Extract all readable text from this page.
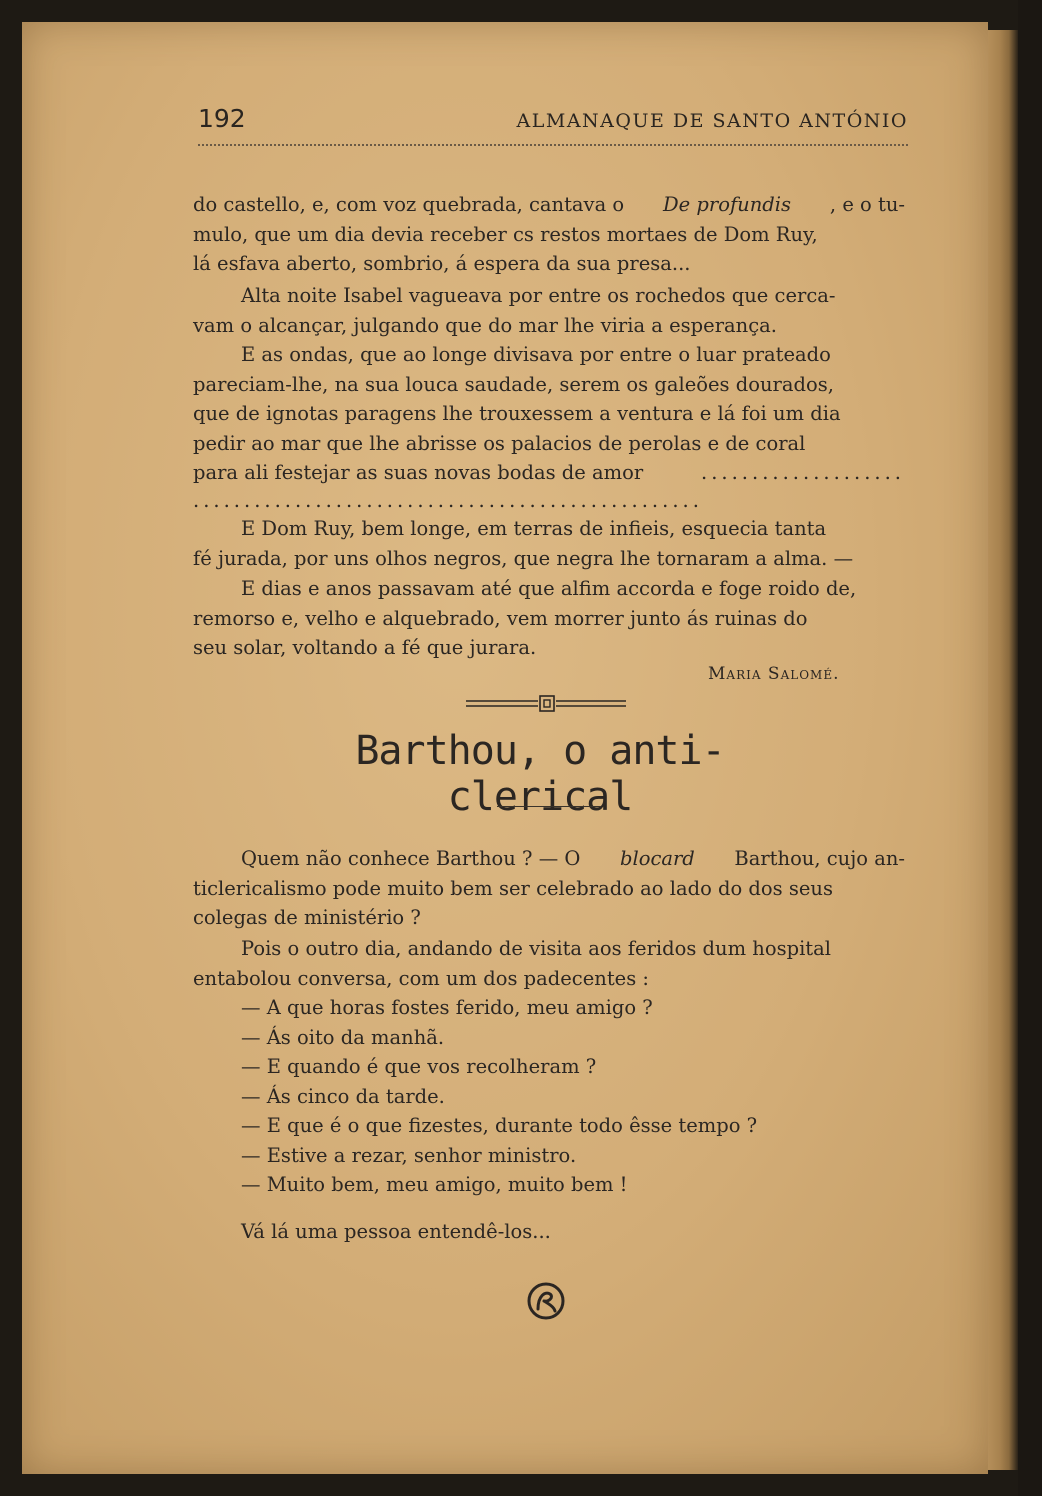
192	ALMANAQUE DE SANTO ANTÓNIO
do castello, e, com voz quebrada, cantava o De profundis , e o tu-
mulo, que um dia devia receber cs restos mortaes de Dom Ruy,
lá esfava aberto, sombrio, á espera da sua presa...
Alta noite Isabel vagueava por entre os rochedos que cerca-
vam o alcançar, julgando que do mar lhe viria a esperança.
E as ondas, que ao longe divisava por entre o luar prateado
pareciam-lhe, na sua louca saudade, serem os galeões dourados,
que de ignotas paragens lhe trouxessem a ventura e lá foi um dia
pedir ao mar que lhe abrisse os palacios de perolas e de coral
para ali festejar as suas novas bodas de amor	....................
..................................................
E Dom Ruy, bem longe, em terras de infieis, esquecia tanta
fé jurada, por uns olhos negros, que negra lhe tornaram a alma. —
E dias e anos passavam até que alfim accorda e foge roido de,
remorso e, velho e alquebrado, vem morrer junto ás ruinas do
seu solar, voltando a fé que jurara.
Maria Salomé.
Barthou, o anti-clerical
Quem não conhece Barthou ? — O blocard Barthou, cujo an-
ticlericalismo pode muito bem ser celebrado ao lado do dos seus
colegas de ministério ?
Pois o outro dia, andando de visita aos feridos dum hospital
entabolou conversa, com um dos padecentes :
— A que horas fostes ferido, meu amigo ?
— Ás oito da manhã.
— E quando é que vos recolheram ?
— Ás cinco da tarde.
— E que é o que fizestes, durante todo êsse tempo ?
— Estive a rezar, senhor ministro.
— Muito bem, meu amigo, muito bem !
Vá lá uma pessoa entendê-los...
